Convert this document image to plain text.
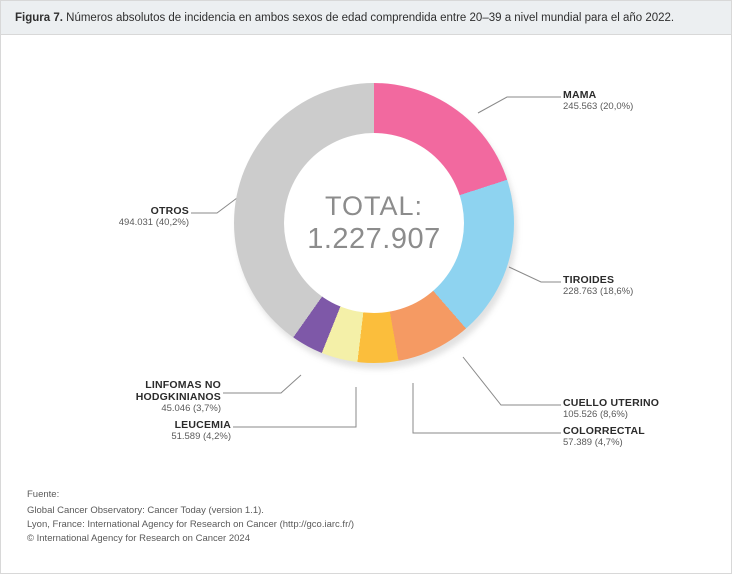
Figura 7. Números absolutos de incidencia en ambos sexos de edad comprendida entre 20–39 a nivel mundial para el año 2022.
TOTAL:
1.227.907
MAMA
245.563 (20,0%)
TIROIDES
228.763 (18,6%)
CUELLO UTERINO
105.526 (8,6%)
COLORRECTAL
57.389 (4,7%)
LEUCEMIA
51.589 (4,2%)
LINFOMAS NO
HODGKINIANOS
45.046 (3,7%)
OTROS
494.031 (40,2%)
Fuente:
Global Cancer Observatory: Cancer Today (version 1.1).
Lyon, France: International Agency for Research on Cancer (http://gco.iarc.fr/)
© International Agency for Research on Cancer 2024
